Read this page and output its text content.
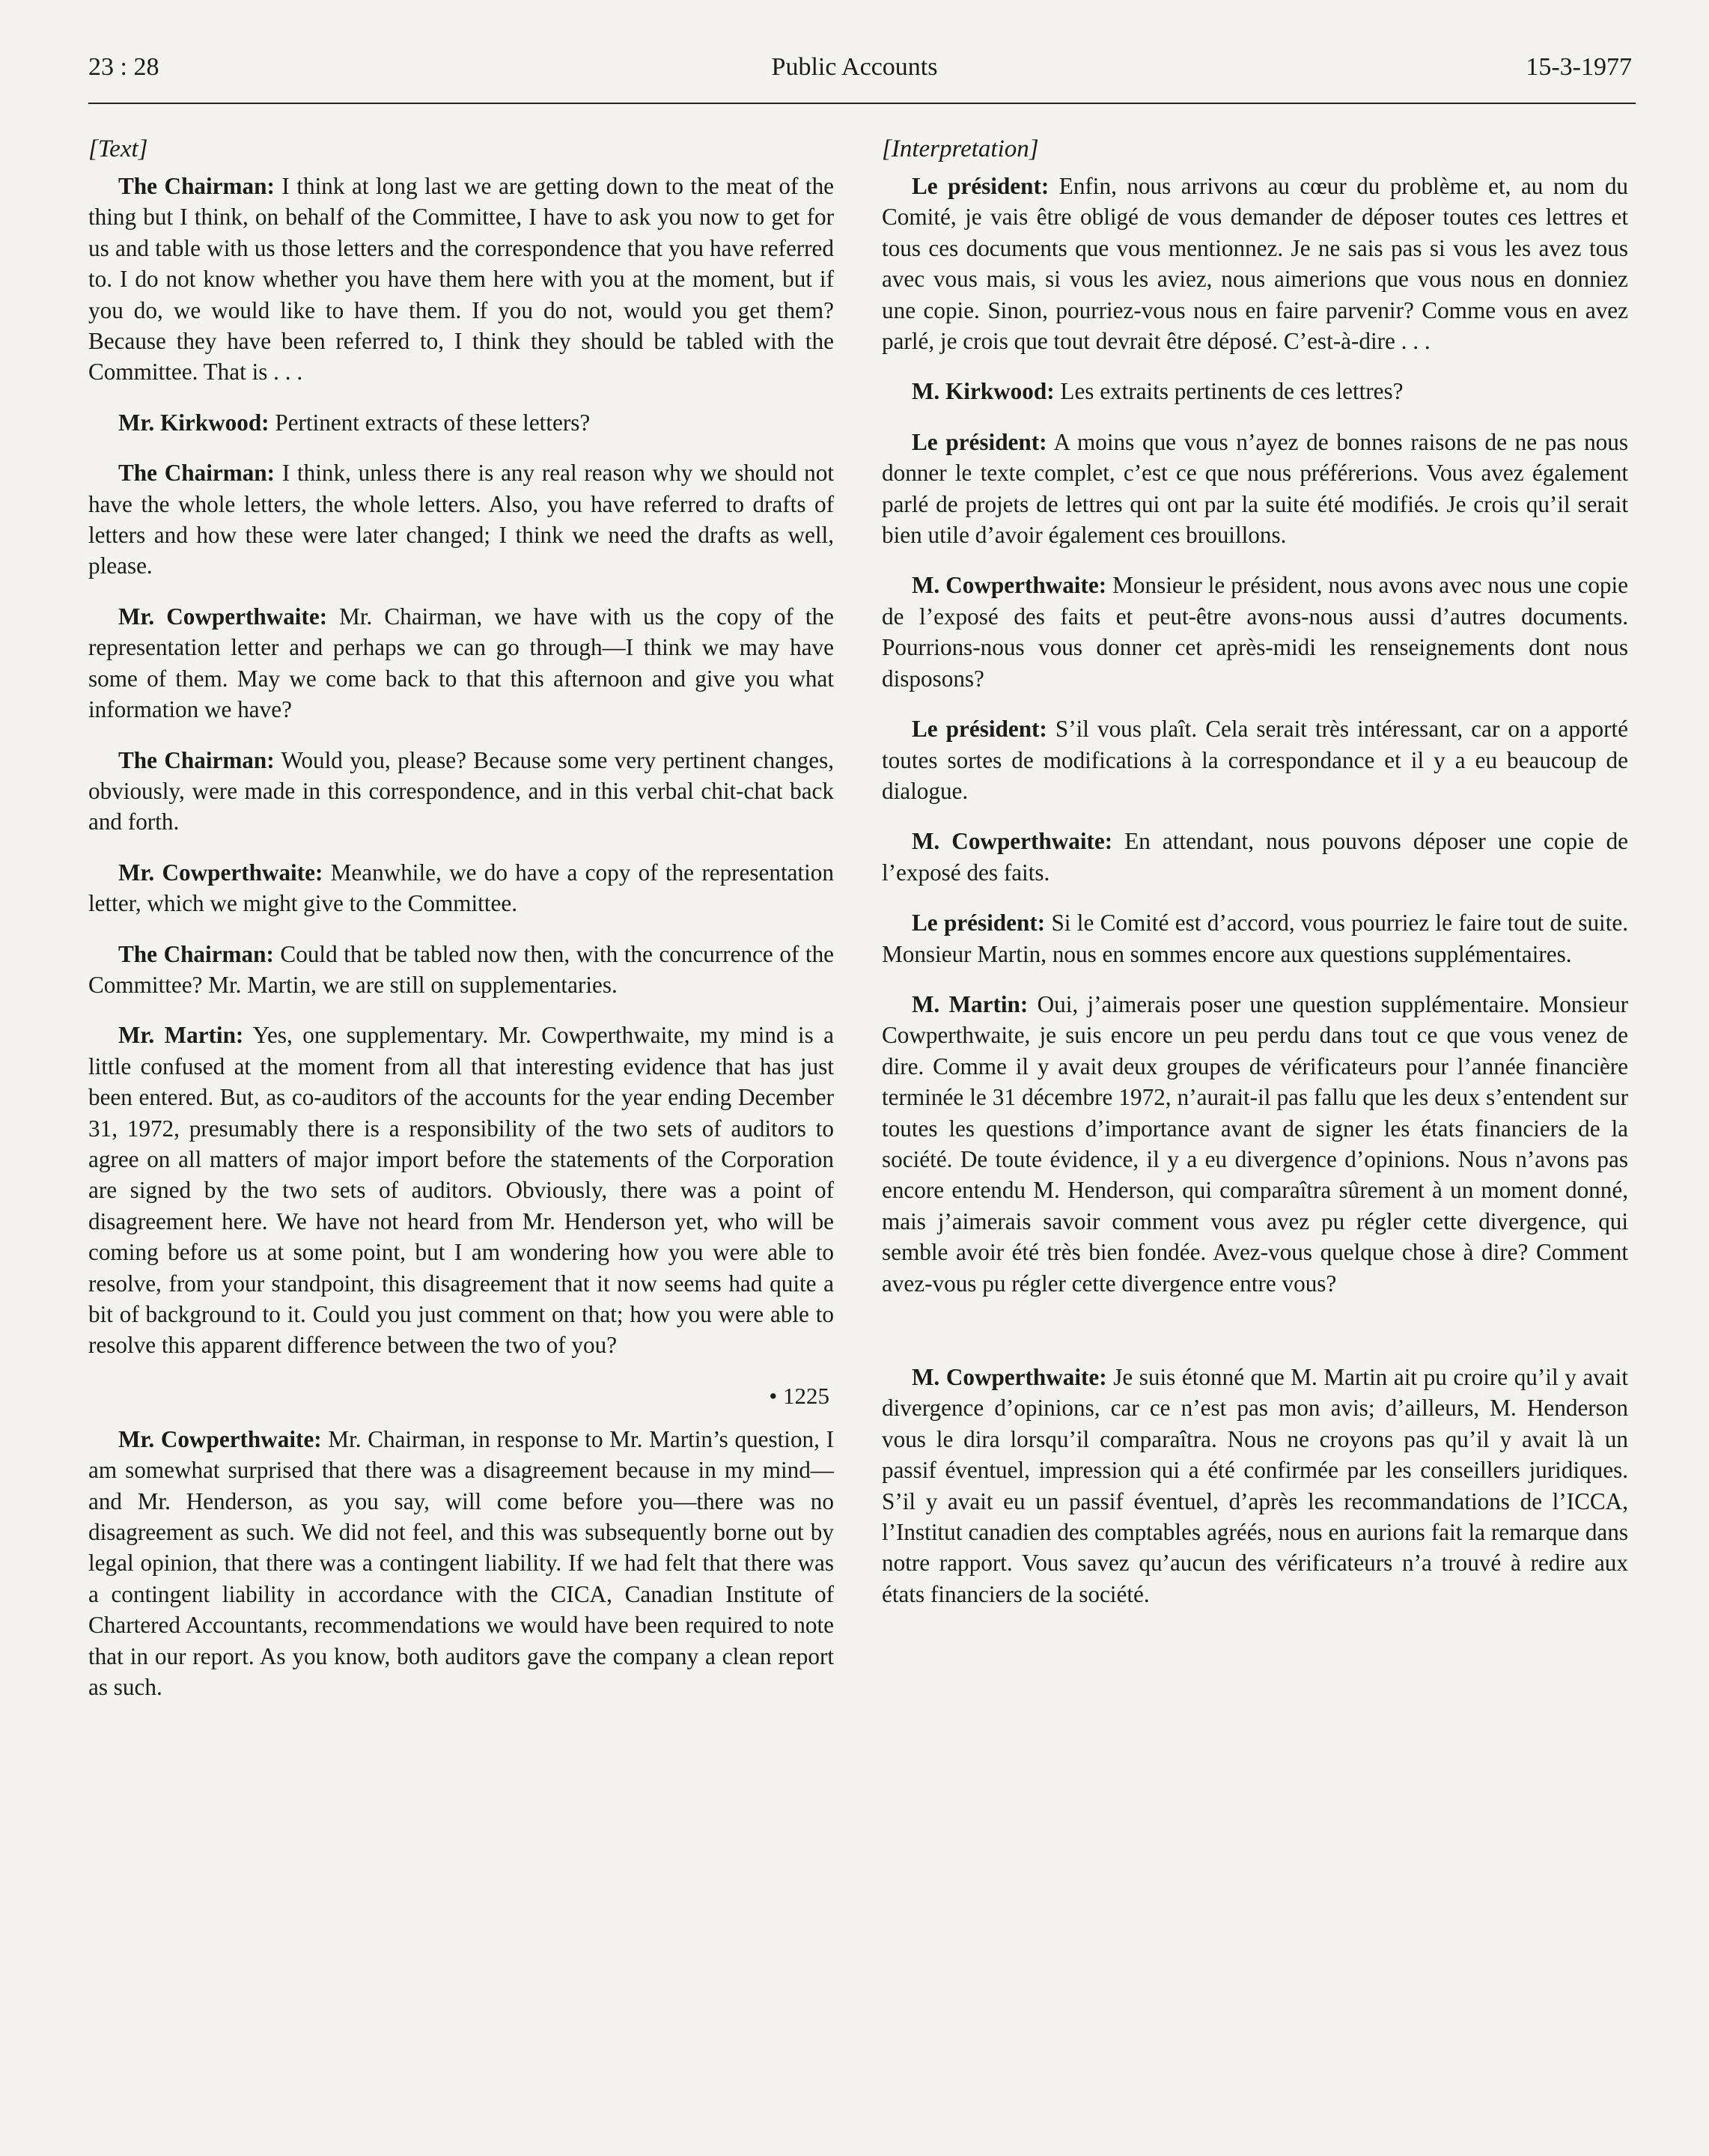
23 : 28	Public Accounts	15-3-1977
[Text]

The Chairman: I think at long last we are getting down to the meat of the thing but I think, on behalf of the Committee, I have to ask you now to get for us and table with us those letters and the correspondence that you have referred to. I do not know whether you have them here with you at the moment, but if you do, we would like to have them. If you do not, would you get them? Because they have been referred to, I think they should be tabled with the Committee. That is . . .

Mr. Kirkwood: Pertinent extracts of these letters?

The Chairman: I think, unless there is any real reason why we should not have the whole letters, the whole letters. Also, you have referred to drafts of letters and how these were later changed; I think we need the drafts as well, please.

Mr. Cowperthwaite: Mr. Chairman, we have with us the copy of the representation letter and perhaps we can go through—I think we may have some of them. May we come back to that this afternoon and give you what information we have?

The Chairman: Would you, please? Because some very pertinent changes, obviously, were made in this correspondence, and in this verbal chit-chat back and forth.

Mr. Cowperthwaite: Meanwhile, we do have a copy of the representation letter, which we might give to the Committee.

The Chairman: Could that be tabled now then, with the concurrence of the Committee? Mr. Martin, we are still on supplementaries.

Mr. Martin: Yes, one supplementary. Mr. Cowperthwaite, my mind is a little confused at the moment from all that interesting evidence that has just been entered. But, as co-auditors of the accounts for the year ending December 31, 1972, presumably there is a responsibility of the two sets of auditors to agree on all matters of major import before the statements of the Corporation are signed by the two sets of auditors. Obviously, there was a point of disagreement here. We have not heard from Mr. Henderson yet, who will be coming before us at some point, but I am wondering how you were able to resolve, from your standpoint, this disagreement that it now seems had quite a bit of background to it. Could you just comment on that; how you were able to resolve this apparent difference between the two of you?

• 1225

Mr. Cowperthwaite: Mr. Chairman, in response to Mr. Martin’s question, I am somewhat surprised that there was a disagreement because in my mind—and Mr. Henderson, as you say, will come before you—there was no disagreement as such. We did not feel, and this was subsequently borne out by legal opinion, that there was a contingent liability. If we had felt that there was a contingent liability in accordance with the CICA, Canadian Institute of Chartered Accountants, recommendations we would have been required to note that in our report. As you know, both auditors gave the company a clean report as such.

[Interpretation]

Le président: Enfin, nous arrivons au cœur du problème et, au nom du Comité, je vais être obligé de vous demander de déposer toutes ces lettres et tous ces documents que vous mentionnez. Je ne sais pas si vous les avez tous avec vous mais, si vous les aviez, nous aimerions que vous nous en donniez une copie. Sinon, pourriez-vous nous en faire parvenir? Comme vous en avez parlé, je crois que tout devrait être déposé. C’est-à-dire . . .

M. Kirkwood: Les extraits pertinents de ces lettres?

Le président: A moins que vous n’ayez de bonnes raisons de ne pas nous donner le texte complet, c’est ce que nous préférerions. Vous avez également parlé de projets de lettres qui ont par la suite été modifiés. Je crois qu’il serait bien utile d’avoir également ces brouillons.

M. Cowperthwaite: Monsieur le président, nous avons avec nous une copie de l’exposé des faits et peut-être avons-nous aussi d’autres documents. Pourrions-nous vous donner cet après-midi les renseignements dont nous disposons?

Le président: S’il vous plaît. Cela serait très intéressant, car on a apporté toutes sortes de modifications à la correspondance et il y a eu beaucoup de dialogue.

M. Cowperthwaite: En attendant, nous pouvons déposer une copie de l’exposé des faits.

Le président: Si le Comité est d’accord, vous pourriez le faire tout de suite. Monsieur Martin, nous en sommes encore aux questions supplémentaires.

M. Martin: Oui, j’aimerais poser une question supplémentaire. Monsieur Cowperthwaite, je suis encore un peu perdu dans tout ce que vous venez de dire. Comme il y avait deux groupes de vérificateurs pour l’année financière terminée le 31 décembre 1972, n’aurait-il pas fallu que les deux s’entendent sur toutes les questions d’importance avant de signer les états financiers de la société. De toute évidence, il y a eu divergence d’opinions. Nous n’avons pas encore entendu M. Henderson, qui comparaîtra sûrement à un moment donné, mais j’aimerais savoir comment vous avez pu régler cette divergence, qui semble avoir été très bien fondée. Avez-vous quelque chose à dire? Comment avez-vous pu régler cette divergence entre vous?

M. Cowperthwaite: Je suis étonné que M. Martin ait pu croire qu’il y avait divergence d’opinions, car ce n’est pas mon avis; d’ailleurs, M. Henderson vous le dira lorsqu’il comparaîtra. Nous ne croyons pas qu’il y avait là un passif éventuel, impression qui a été confirmée par les conseillers juridiques. S’il y avait eu un passif éventuel, d’après les recommandations de l’ICCA, l’Institut canadien des comptables agréés, nous en aurions fait la remarque dans notre rapport. Vous savez qu’aucun des vérificateurs n’a trouvé à redire aux états financiers de la société.
